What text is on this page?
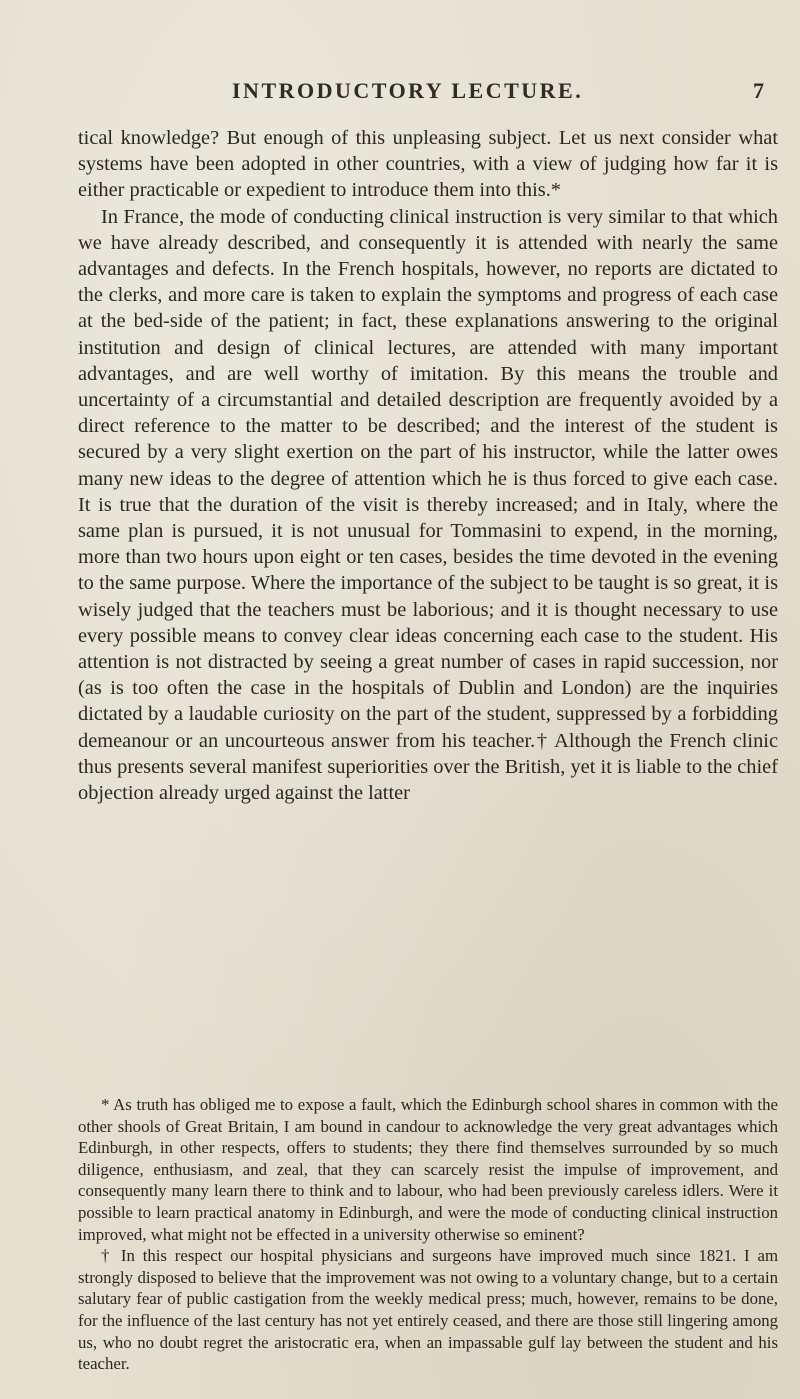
INTRODUCTORY LECTURE.	7

tical knowledge? But enough of this unpleasing subject. Let us next consider what systems have been adopted in other countries, with a view of judging how far it is either practicable or expedient to introduce them into this.*

In France, the mode of conducting clinical instruction is very similar to that which we have already described, and consequently it is attended with nearly the same advantages and defects. In the French hospitals, however, no reports are dictated to the clerks, and more care is taken to explain the symptoms and progress of each case at the bed-side of the patient; in fact, these explanations answering to the original institution and design of clinical lectures, are attended with many important advantages, and are well worthy of imitation. By this means the trouble and uncertainty of a circumstantial and detailed description are frequently avoided by a direct reference to the matter to be described; and the interest of the student is secured by a very slight exertion on the part of his instructor, while the latter owes many new ideas to the degree of attention which he is thus forced to give each case. It is true that the duration of the visit is thereby increased; and in Italy, where the same plan is pursued, it is not unusual for Tommasini to expend, in the morning, more than two hours upon eight or ten cases, besides the time devoted in the evening to the same purpose. Where the importance of the subject to be taught is so great, it is wisely judged that the teachers must be laborious; and it is thought necessary to use every possible means to convey clear ideas concerning each case to the student. His attention is not distracted by seeing a great number of cases in rapid succession, nor (as is too often the case in the hospitals of Dublin and London) are the inquiries dictated by a laudable curiosity on the part of the student, suppressed by a forbidding demeanour or an uncourteous answer from his teacher.† Although the French clinic thus presents several manifest superiorities over the British, yet it is liable to the chief objection already urged against the latter

* As truth has obliged me to expose a fault, which the Edinburgh school shares in common with the other shools of Great Britain, I am bound in candour to acknowledge the very great advantages which Edinburgh, in other respects, offers to students; they there find themselves surrounded by so much diligence, enthusiasm, and zeal, that they can scarcely resist the impulse of improvement, and consequently many learn there to think and to labour, who had been previously careless idlers. Were it possible to learn practical anatomy in Edinburgh, and were the mode of conducting clinical instruction improved, what might not be effected in a university otherwise so eminent?

† In this respect our hospital physicians and surgeons have improved much since 1821. I am strongly disposed to believe that the improvement was not owing to a voluntary change, but to a certain salutary fear of public castigation from the weekly medical press; much, however, remains to be done, for the influence of the last century has not yet entirely ceased, and there are those still lingering among us, who no doubt regret the aristocratic era, when an impassable gulf lay between the student and his teacher.
